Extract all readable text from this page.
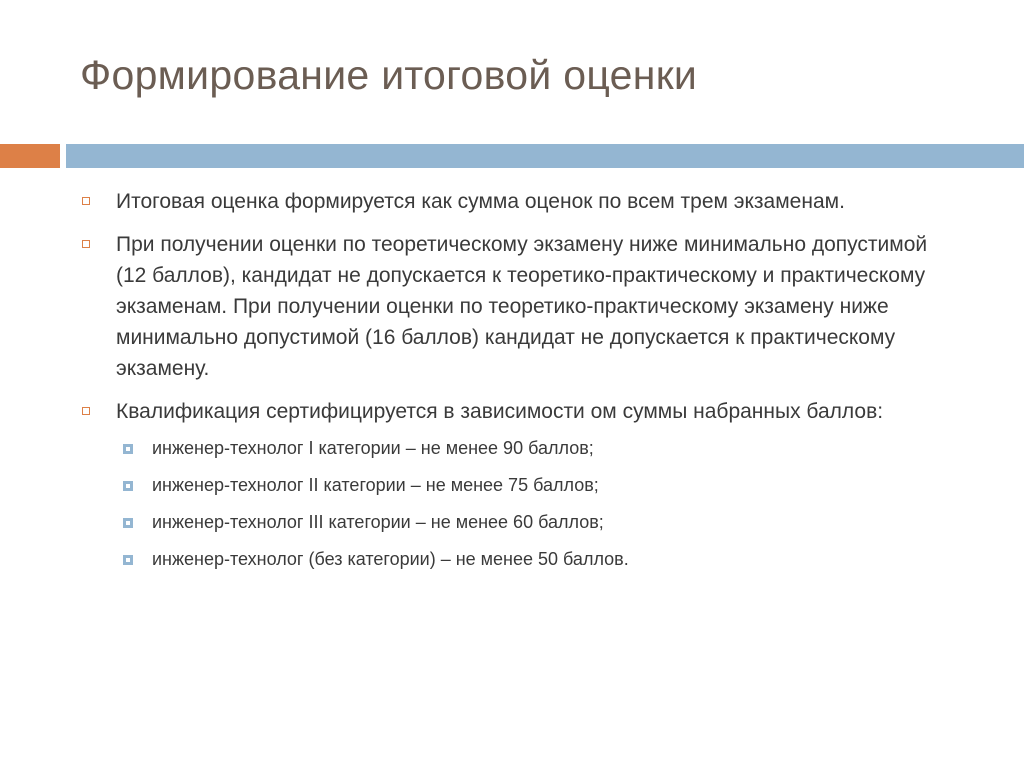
Формирование итоговой оценки
Итоговая оценка формируется как сумма оценок по всем трем экзаменам.
При получении оценки по теоретическому экзамену ниже минимально допустимой (12 баллов), кандидат не допускается к теоретико-практическому и практическому экзаменам. При получении оценки по теоретико-практическому экзамену ниже минимально допустимой (16 баллов) кандидат не допускается к практическому экзамену.
Квалификация сертифицируется в зависимости ом суммы набранных баллов:
инженер-технолог I категории – не менее 90 баллов;
инженер-технолог II категории – не менее 75 баллов;
инженер-технолог III категории – не менее 60 баллов;
инженер-технолог (без категории) – не менее 50 баллов.
